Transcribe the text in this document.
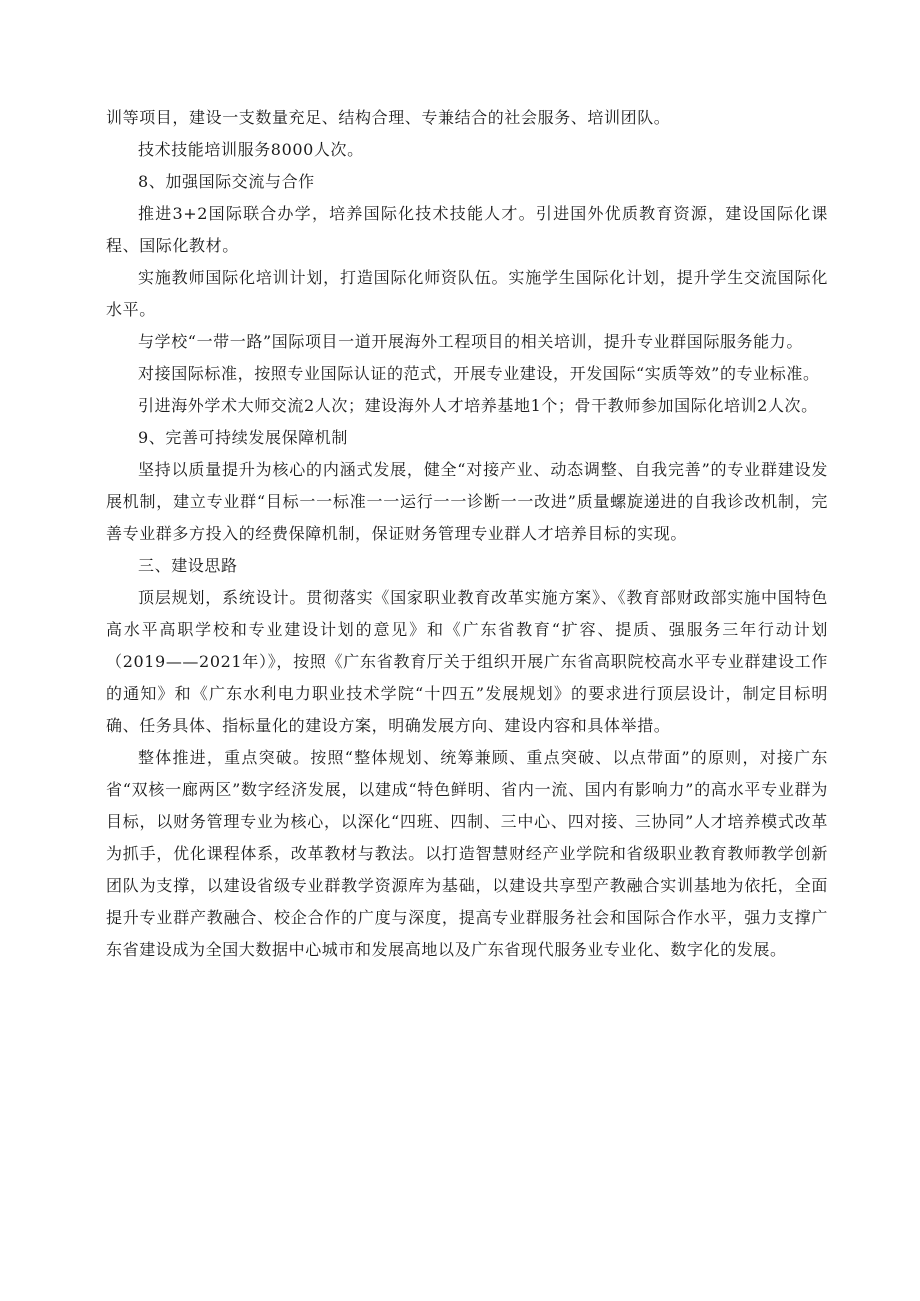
训等项目，建设一支数量充足、结构合理、专兼结合的社会服务、培训团队。

技术技能培训服务8000人次。

8、加强国际交流与合作

推进3+2国际联合办学，培养国际化技术技能人才。引进国外优质教育资源，建设国际化课程、国际化教材。

实施教师国际化培训计划，打造国际化师资队伍。实施学生国际化计划，提升学生交流国际化水平。

与学校“一带一路”国际项目一道开展海外工程项目的相关培训，提升专业群国际服务能力。

对接国际标准，按照专业国际认证的范式，开展专业建设，开发国际“实质等效”的专业标准。

引进海外学术大师交流2人次；建设海外人才培养基地1个；骨干教师参加国际化培训2人次。

9、完善可持续发展保障机制

坚持以质量提升为核心的内涵式发展，健全“对接产业、动态调整、自我完善”的专业群建设发展机制，建立专业群“目标一一标准一一运行一一诊断一一改进”质量螺旋递进的自我诊改机制，完善专业群多方投入的经费保障机制，保证财务管理专业群人才培养目标的实现。

三、建设思路

顶层规划，系统设计。贯彻落实《国家职业教育改革实施方案》、《教育部财政部实施中国特色高水平高职学校和专业建设计划的意见》和《广东省教育“扩容、提质、强服务三年行动计划（2019——2021年）》，按照《广东省教育厅关于组织开展广东省高职院校高水平专业群建设工作的通知》和《广东水利电力职业技术学院“十四五”发展规划》的要求进行顶层设计，制定目标明确、任务具体、指标量化的建设方案，明确发展方向、建设内容和具体举措。

整体推进，重点突破。按照“整体规划、统筹兼顾、重点突破、以点带面”的原则，对接广东省“双核一廊两区”数字经济发展，以建成“特色鲜明、省内一流、国内有影响力”的高水平专业群为目标，以财务管理专业为核心，以深化“四班、四制、三中心、四对接、三协同”人才培养模式改革为抓手，优化课程体系，改革教材与教法。以打造智慧财经产业学院和省级职业教育教师教学创新团队为支撑，以建设省级专业群教学资源库为基础，以建设共享型产教融合实训基地为依托，全面提升专业群产教融合、校企合作的广度与深度，提高专业群服务社会和国际合作水平，强力支撑广东省建设成为全国大数据中心城市和发展高地以及广东省现代服务业专业化、数字化的发展。
